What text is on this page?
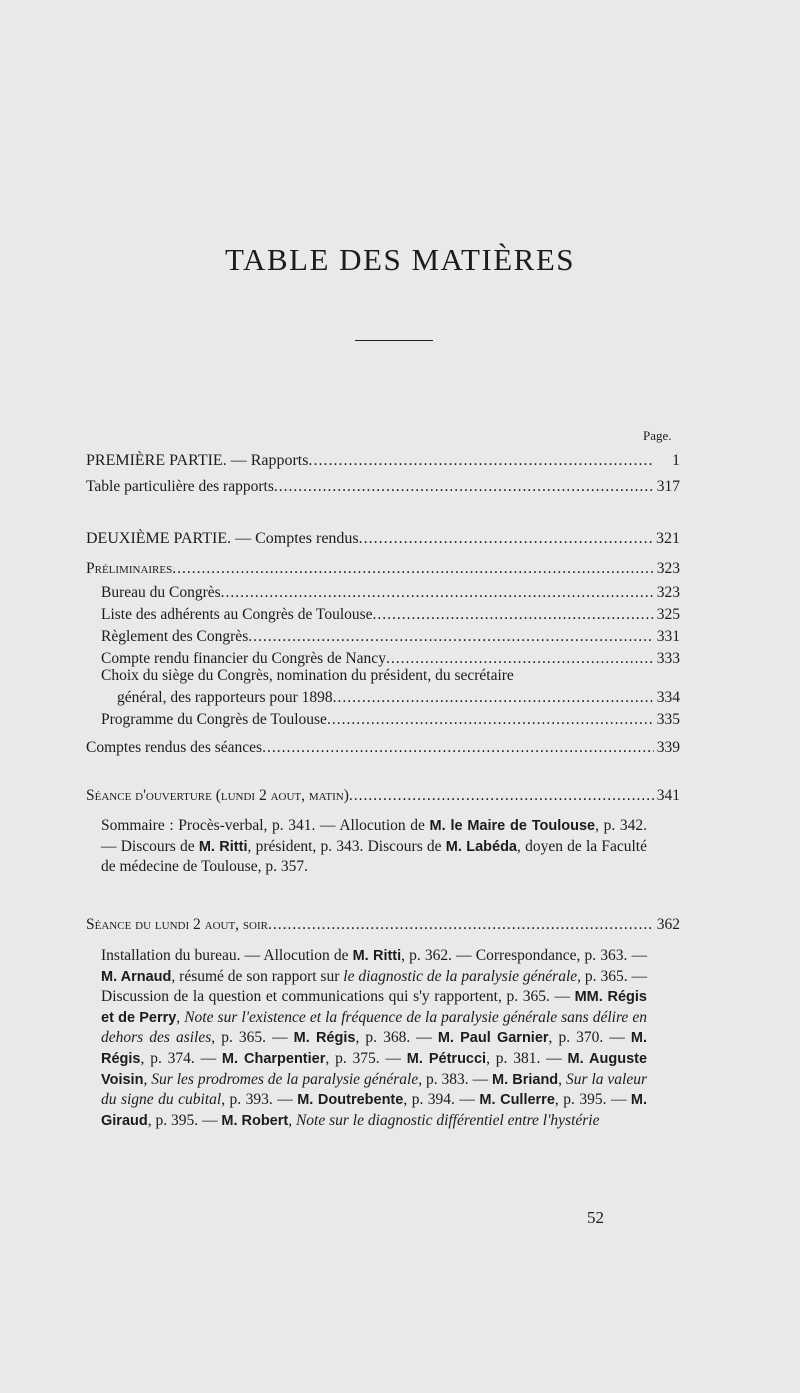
TABLE DES MATIÈRES
Page.
PREMIÈRE PARTIE. — Rapports .....	1
Table particulière des rapports .....	317
DEUXIÈME PARTIE. — Comptes rendus .....	321
Préliminaires .....	323
Bureau du Congrès .....	323
Liste des adhérents au Congrès de Toulouse .....	325
Règlement des Congrès .....	331
Compte rendu financier du Congrès de Nancy .....	333
Choix du siège du Congrès, nomination du président, du secrétaire
général, des rapporteurs pour 1898 .....	334
Programme du Congrès de Toulouse .....	335
Comptes rendus des séances .....	339
Séance d'ouverture (lundi 2 aout, matin) .....	341
Sommaire : Procès-verbal, p. 341. — Allocution de M. le Maire de Toulouse, p. 342. — Discours de M. Ritti, président, p. 343. Discours de M. Labéda, doyen de la Faculté de médecine de Toulouse, p. 357.
Séance du lundi 2 aout, soir .....	362
Installation du bureau. — Allocution de M. Ritti, p. 362. — Correspondance, p. 363. — M. Arnaud, résumé de son rapport sur le diagnostic de la paralysie générale, p. 365. — Discussion de la question et communications qui s'y rapportent, p. 365. — MM. Régis et de Perry, Note sur l'existence et la fréquence de la paralysie générale sans délire en dehors des asiles, p. 365. — M. Régis, p. 368. — M. Paul Garnier, p. 370. — M. Régis, p. 374. — M. Charpentier, p. 375. — M. Pétrucci, p. 381. — M. Auguste Voisin, Sur les prodromes de la paralysie générale, p. 383. — M. Briand, Sur la valeur du signe du cubital, p. 393. — M. Doutrebente, p. 394. — M. Cullerre, p. 395. — M. Giraud, p. 395. — M. Robert, Note sur le diagnostic différentiel entre l'hystérie
52
